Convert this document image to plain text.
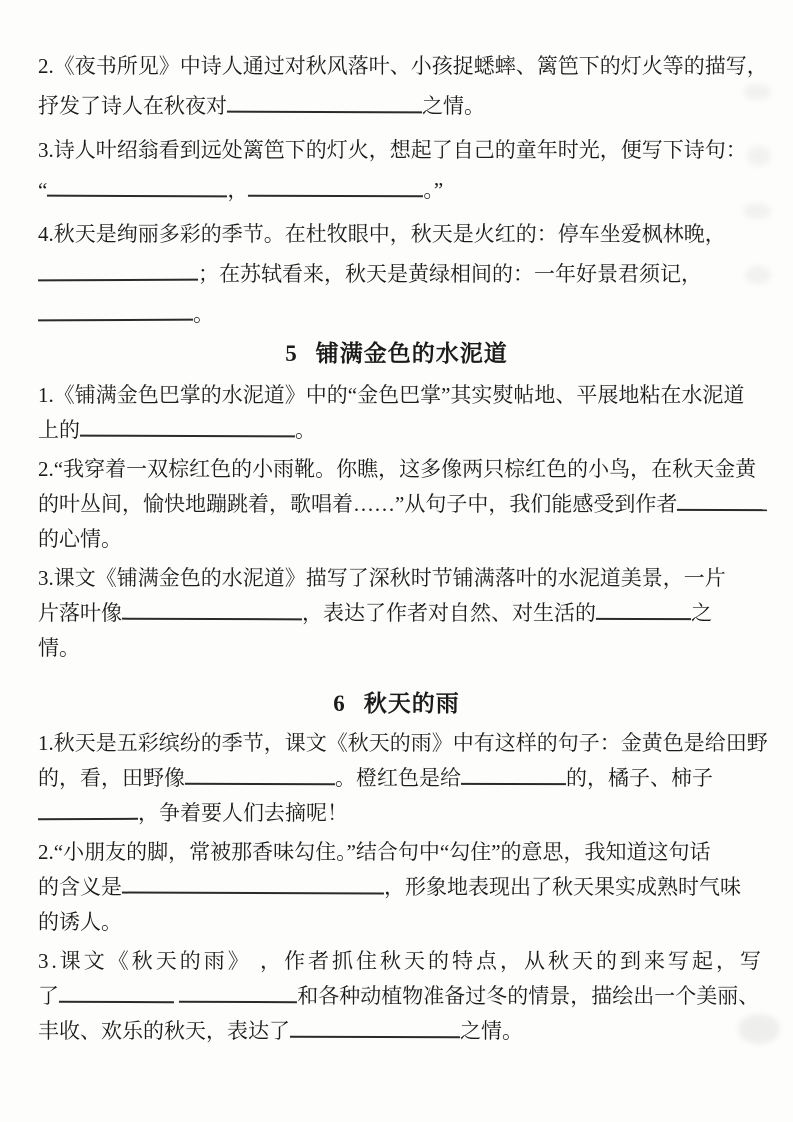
2.《夜书所见》中诗人通过对秋风落叶、小孩捉蟋蟀、篱笆下的灯火等的描写，
抒发了诗人在秋夜对	之情。
3.诗人叶绍翁看到远处篱笆下的灯火，想起了自己的童年时光，便写下诗句：
“	，	。”
4.秋天是绚丽多彩的季节。在杜牧眼中，秋天是火红的：停车坐爱枫林晚，
；在苏轼看来，秋天是黄绿相间的：一年好景君须记，
。
5 铺满金色的水泥道
1.《铺满金色巴掌的水泥道》中的“金色巴掌”其实熨帖地、平展地粘在水泥道
上的	。
2.“我穿着一双棕红色的小雨靴。你瞧，这多像两只棕红色的小鸟，在秋天金黄
的叶丛间，愉快地蹦跳着，歌唱着……”从句子中，我们能感受到作者
的心情。
3.课文《铺满金色的水泥道》描写了深秋时节铺满落叶的水泥道美景，一片
片落叶像	，表达了作者对自然、对生活的	之
情。
6 秋天的雨
1.秋天是五彩缤纷的季节，课文《秋天的雨》中有这样的句子：金黄色是给田野
的，看，田野像	。橙红色是给	的，橘子、柿子
，争着要人们去摘呢！
2.“小朋友的脚，常被那香味勾住。”结合句中“勾住”的意思，我知道这句话
的含义是	，形象地表现出了秋天果实成熟时气味
的诱人。
3.课文《秋天的雨》 ，作者抓住秋天的特点，从秋天的到来写起，写
了	和各种动植物准备过冬的情景，描绘出一个美丽、
丰收、欢乐的秋天，表达了	之情。
